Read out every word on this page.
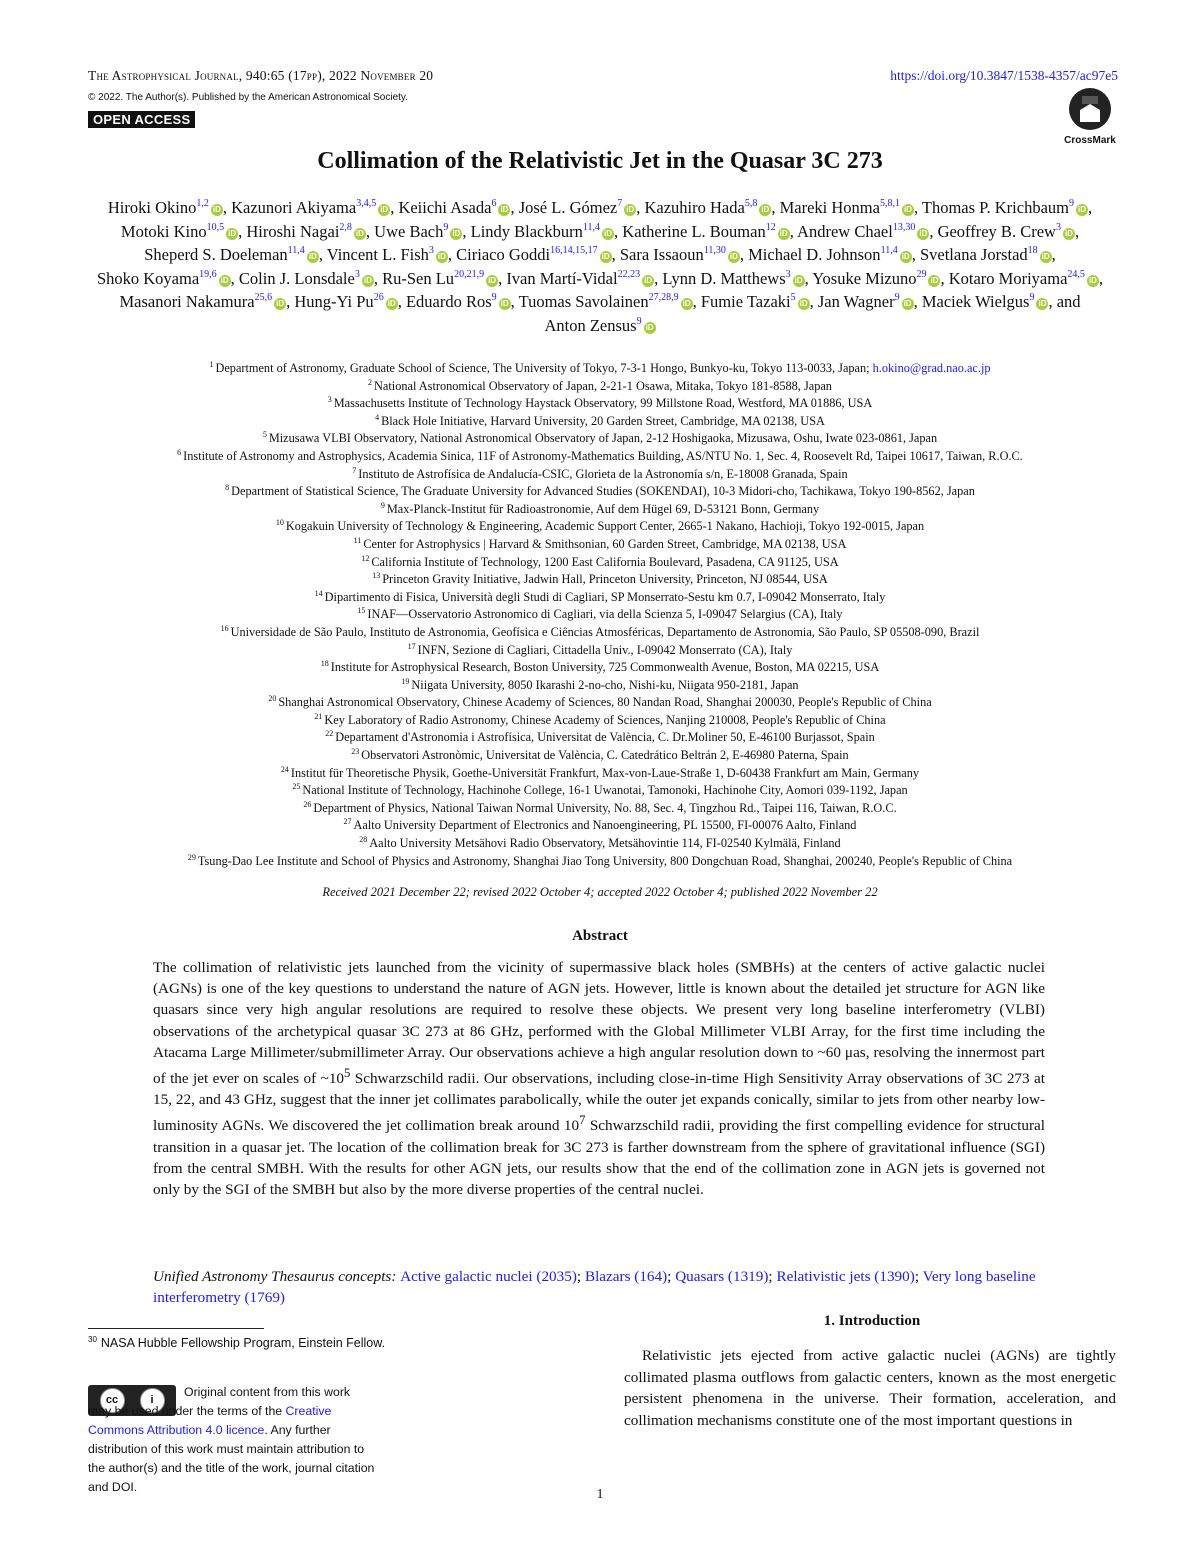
The Astrophysical Journal, 940:65 (17pp), 2022 November 20	https://doi.org/10.3847/1538-4357/ac97e5
© 2022. The Author(s). Published by the American Astronomical Society.
OPEN ACCESS
CrossMark
Collimation of the Relativistic Jet in the Quasar 3C 273
Hiroki Okino$^{1,2}$iD , Kazunori Akiyama$^{3,4,5}$iD , Keiichi Asada$^6$iD , José L. Gómez$^7$iD , Kazuhiro Hada$^{5,8}$iD , Mareki Honma$^{5,8,1}$iD , Thomas P. Krichbaum$^9$iD , Motoki Kino$^{10,5}$iD , Hiroshi Nagai$^{2,8}$iD , Uwe Bach$^9$iD , Lindy Blackburn$^{11,4}$iD , Katherine L. Bouman$^{12}$iD , Andrew Chael$^{13,30}$iD , Geoffrey B. Crew$^3$iD , Sheperd S. Doeleman$^{11,4}$iD , Vincent L. Fish$^3$iD , Ciriaco Goddi$^{16,14,15,17}$iD , Sara Issaoun$^{11,30}$iD , Michael D. Johnson$^{11,4}$iD , Svetlana Jorstad$^{18}$iD , Shoko Koyama$^{19,6}$iD , Colin J. Lonsdale$^3$iD , Ru-Sen Lu$^{20,21,9}$iD , Ivan Martí-Vidal$^{22,23}$iD , Lynn D. Matthews$^3$iD , Yosuke Mizuno$^{29}$iD , Kotaro Moriyama$^{24,5}$iD , Masanori Nakamura$^{25,6}$iD , Hung-Yi Pu$^{26}$iD , Eduardo Ros$^9$iD , Tuomas Savolainen$^{27,28,9}$iD , Fumie Tazaki$^5$iD , Jan Wagner$^9$iD , Maciek Wielgus$^9$iD , and Anton Zensus$^9$iD
$^1$ Department of Astronomy, Graduate School of Science, The University of Tokyo, 7-3-1 Hongo, Bunkyo-ku, Tokyo 113-0033, Japan; h.okino@grad.nao.ac.jp
$^2$ National Astronomical Observatory of Japan, 2-21-1 Osawa, Mitaka, Tokyo 181-8588, Japan
$^3$ Massachusetts Institute of Technology Haystack Observatory, 99 Millstone Road, Westford, MA 01886, USA
$^4$ Black Hole Initiative, Harvard University, 20 Garden Street, Cambridge, MA 02138, USA
$^5$ Mizusawa VLBI Observatory, National Astronomical Observatory of Japan, 2-12 Hoshigaoka, Mizusawa, Oshu, Iwate 023-0861, Japan
$^6$ Institute of Astronomy and Astrophysics, Academia Sinica, 11F of Astronomy-Mathematics Building, AS/NTU No. 1, Sec. 4, Roosevelt Rd, Taipei 10617, Taiwan, R.O.C.
$^7$ Instituto de Astrofísica de Andalucía-CSIC, Glorieta de la Astronomía s/n, E-18008 Granada, Spain
$^8$ Department of Statistical Science, The Graduate University for Advanced Studies (SOKENDAI), 10-3 Midori-cho, Tachikawa, Tokyo 190-8562, Japan
$^9$ Max-Planck-Institut für Radioastronomie, Auf dem Hügel 69, D-53121 Bonn, Germany
$^{10}$ Kogakuin University of Technology & Engineering, Academic Support Center, 2665-1 Nakano, Hachioji, Tokyo 192-0015, Japan
$^{11}$ Center for Astrophysics | Harvard & Smithsonian, 60 Garden Street, Cambridge, MA 02138, USA
$^{12}$ California Institute of Technology, 1200 East California Boulevard, Pasadena, CA 91125, USA
$^{13}$ Princeton Gravity Initiative, Jadwin Hall, Princeton University, Princeton, NJ 08544, USA
$^{14}$ Dipartimento di Fisica, Università degli Studi di Cagliari, SP Monserrato-Sestu km 0.7, I-09042 Monserrato, Italy
$^{15}$ INAF—Osservatorio Astronomico di Cagliari, via della Scienza 5, I-09047 Selargius (CA), Italy
$^{16}$ Universidade de São Paulo, Instituto de Astronomia, Geofísica e Ciências Atmosféricas, Departamento de Astronomia, São Paulo, SP 05508-090, Brazil
$^{17}$ INFN, Sezione di Cagliari, Cittadella Univ., I-09042 Monserrato (CA), Italy
$^{18}$ Institute for Astrophysical Research, Boston University, 725 Commonwealth Avenue, Boston, MA 02215, USA
$^{19}$ Niigata University, 8050 Ikarashi 2-no-cho, Nishi-ku, Niigata 950-2181, Japan
$^{20}$ Shanghai Astronomical Observatory, Chinese Academy of Sciences, 80 Nandan Road, Shanghai 200030, People's Republic of China
$^{21}$ Key Laboratory of Radio Astronomy, Chinese Academy of Sciences, Nanjing 210008, People's Republic of China
$^{22}$ Departament d'Astronomia i Astrofísica, Universitat de València, C. Dr.Moliner 50, E-46100 Burjassot, Spain
$^{23}$ Observatori Astronòmic, Universitat de València, C. Catedrático Beltrán 2, E-46980 Paterna, Spain
$^{24}$ Institut für Theoretische Physik, Goethe-Universität Frankfurt, Max-von-Laue-Straße 1, D-60438 Frankfurt am Main, Germany
$^{25}$ National Institute of Technology, Hachinohe College, 16-1 Uwanotai, Tamonoki, Hachinohe City, Aomori 039-1192, Japan
$^{26}$ Department of Physics, National Taiwan Normal University, No. 88, Sec. 4, Tingzhou Rd., Taipei 116, Taiwan, R.O.C.
$^{27}$ Aalto University Department of Electronics and Nanoengineering, PL 15500, FI-00076 Aalto, Finland
$^{28}$ Aalto University Metsähovi Radio Observatory, Metsähovintie 114, FI-02540 Kylmälä, Finland
$^{29}$ Tsung-Dao Lee Institute and School of Physics and Astronomy, Shanghai Jiao Tong University, 800 Dongchuan Road, Shanghai, 200240, People's Republic of China
Received 2021 December 22; revised 2022 October 4; accepted 2022 October 4; published 2022 November 22
Abstract
The collimation of relativistic jets launched from the vicinity of supermassive black holes (SMBHs) at the centers of active galactic nuclei (AGNs) is one of the key questions to understand the nature of AGN jets. However, little is known about the detailed jet structure for AGN like quasars since very high angular resolutions are required to resolve these objects. We present very long baseline interferometry (VLBI) observations of the archetypical quasar 3C 273 at 86 GHz, performed with the Global Millimeter VLBI Array, for the first time including the Atacama Large Millimeter/submillimeter Array. Our observations achieve a high angular resolution down to ~60 μas, resolving the innermost part of the jet ever on scales of $\sim 10^5$ Schwarzschild radii. Our observations, including close-in-time High Sensitivity Array observations of 3C 273 at 15, 22, and 43 GHz, suggest that the inner jet collimates parabolically, while the outer jet expands conically, similar to jets from other nearby low-luminosity AGNs. We discovered the jet collimation break around $10^7$ Schwarzschild radii, providing the first compelling evidence for structural transition in a quasar jet. The location of the collimation break for 3C 273 is farther downstream from the sphere of gravitational influence (SGI) from the central SMBH. With the results for other AGN jets, our results show that the end of the collimation zone in AGN jets is governed not only by the SGI of the SMBH but also by the more diverse properties of the central nuclei.
Unified Astronomy Thesaurus concepts: Active galactic nuclei (2035); Blazars (164); Quasars (1319); Relativistic jets (1390); Very long baseline interferometry (1769)
$^{30}$ NASA Hubble Fellowship Program, Einstein Fellow.
cc	i
Original content from this work may be used under the terms of the Creative Commons Attribution 4.0 licence. Any further distribution of this work must maintain attribution to the author(s) and the title of the work, journal citation and DOI.
1. Introduction
Relativistic jets ejected from active galactic nuclei (AGNs) are tightly collimated plasma outflows from galactic centers, known as the most energetic persistent phenomena in the universe. Their formation, acceleration, and collimation mechanisms constitute one of the most important questions in
1
